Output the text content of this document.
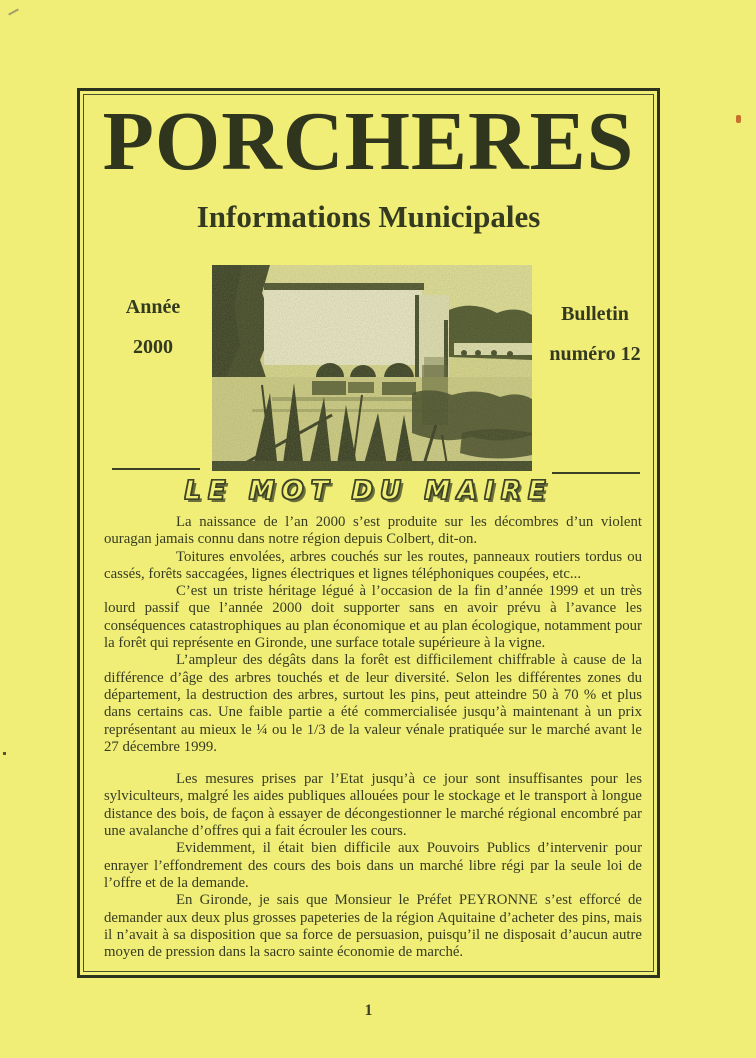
PORCHERES
Informations Municipales
Année
2000
Bulletin
numéro 12
LE MOT DU MAIRE

La naissance de l’an 2000 s’est produite sur les décombres d’un violent ouragan jamais connu dans notre région depuis Colbert, dit-on.

Toitures envolées, arbres couchés sur les routes, panneaux routiers tordus ou cassés, forêts saccagées, lignes électriques et lignes téléphoniques coupées, etc...

C’est un triste héritage légué à l’occasion de la fin d’année 1999 et un très lourd passif que l’année 2000 doit supporter sans en avoir prévu à l’avance les conséquences catastrophiques au plan économique et au plan écologique, notamment pour la forêt qui représente en Gironde, une surface totale supérieure à la vigne.

L’ampleur des dégâts dans la forêt est difficilement chiffrable à cause de la différence d’âge des arbres touchés et de leur diversité. Selon les différentes zones du département, la destruction des arbres, surtout les pins, peut atteindre 50 à 70 % et plus dans certains cas. Une faible partie a été commercialisée jusqu’à maintenant à un prix représentant au mieux le ¼ ou le 1/3 de la valeur vénale pratiquée sur le marché avant le 27 décembre 1999.

Les mesures prises par l’Etat jusqu’à ce jour sont insuffisantes pour les sylviculteurs, malgré les aides publiques allouées pour le stockage et le transport à longue distance des bois, de façon à essayer de décongestionner le marché régional encombré par une avalanche d’offres qui a fait écrouler les cours.

Evidemment, il était bien difficile aux Pouvoirs Publics d’intervenir pour enrayer l’effondrement des cours des bois dans un marché libre régi par la seule loi de l’offre et de la demande.

En Gironde, je sais que Monsieur le Préfet PEYRONNE s’est efforcé de demander aux deux plus grosses papeteries de la région Aquitaine d’acheter des pins, mais il n’avait à sa disposition que sa force de persuasion, puisqu’il ne disposait d’aucun autre moyen de pression dans la sacro sainte économie de marché.

1
